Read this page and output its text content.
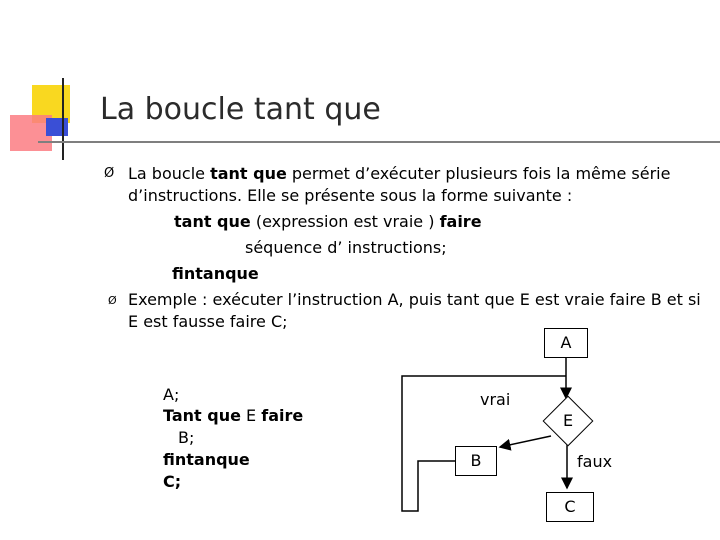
La boucle tant que
Ø La boucle tant que permet d’exécuter plusieurs fois la même série
d’instructions. Elle se présente sous la forme suivante :
tant que (expression est vraie ) faire
séquence d’ instructions;
fintanque
Ø Exemple : exécuter l’instruction A, puis tant que E est vraie faire B et si
E est fausse faire C;
A;
Tant que E faire
B;
fintanque
C;
A
E
B
C
vrai
faux
